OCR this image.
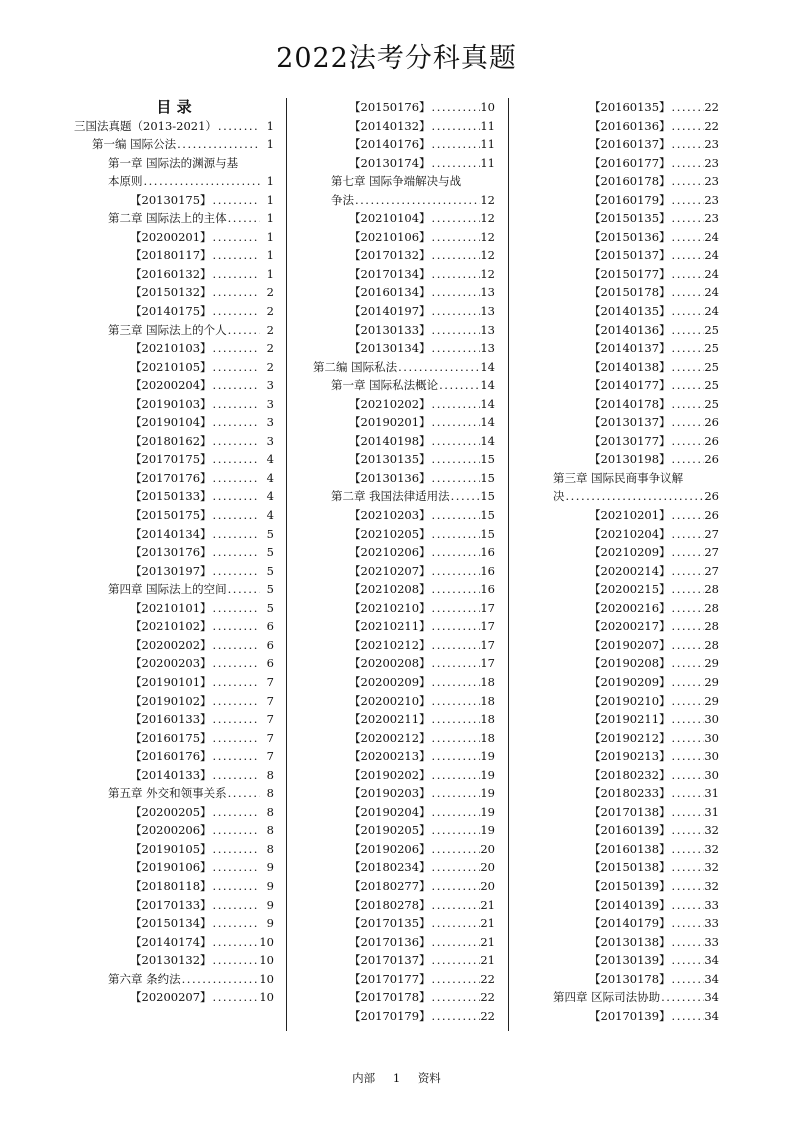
2022法考分科真题
目 录
三国法真题（2013-2021） .....	1
第一编 国际公法 .....	1
第一章 国际法的渊源与基
本原则 .....	1
【20130175】 .....	1
第二章 国际法上的主体 .....	1
【20200201】 .....	1
【20180117】 .....	1
【20160132】 .....	1
【20150132】 .....	2
【20140175】 .....	2
第三章 国际法上的个人 .....	2
【20210103】 .....	2
【20210105】 .....	2
【20200204】 .....	3
【20190103】 .....	3
【20190104】 .....	3
【20180162】 .....	3
【20170175】 .....	4
【20170176】 .....	4
【20150133】 .....	4
【20150175】 .....	4
【20140134】 .....	5
【20130176】 .....	5
【20130197】 .....	5
第四章 国际法上的空间 .....	5
【20210101】 .....	5
【20210102】 .....	6
【20200202】 .....	6
【20200203】 .....	6
【20190101】 .....	7
【20190102】 .....	7
【20160133】 .....	7
【20160175】 .....	7
【20160176】 .....	7
【20140133】 .....	8
第五章 外交和领事关系 .....	8
【20200205】 .....	8
【20200206】 .....	8
【20190105】 .....	8
【20190106】 .....	9
【20180118】 .....	9
【20170133】 .....	9
【20150134】 .....	9
【20140174】 .....	10
【20130132】 .....	10
第六章 条约法 .....	10
【20200207】 .....	10
【20150176】 .....	10
【20140132】 .....	11
【20140176】 .....	11
【20130174】 .....	11
第七章 国际争端解决与战
争法 .....	12
【20210104】 .....	12
【20210106】 .....	12
【20170132】 .....	12
【20170134】 .....	12
【20160134】 .....	13
【20140197】 .....	13
【20130133】 .....	13
【20130134】 .....	13
第二编 国际私法 .....	14
第一章 国际私法概论 .....	14
【20210202】 .....	14
【20190201】 .....	14
【20140198】 .....	14
【20130135】 .....	15
【20130136】 .....	15
第二章 我国法律适用法 .....	15
【20210203】 .....	15
【20210205】 .....	15
【20210206】 .....	16
【20210207】 .....	16
【20210208】 .....	16
【20210210】 .....	17
【20210211】 .....	17
【20210212】 .....	17
【20200208】 .....	17
【20200209】 .....	18
【20200210】 .....	18
【20200211】 .....	18
【20200212】 .....	18
【20200213】 .....	19
【20190202】 .....	19
【20190203】 .....	19
【20190204】 .....	19
【20190205】 .....	19
【20190206】 .....	20
【20180234】 .....	20
【20180277】 .....	20
【20180278】 .....	21
【20170135】 .....	21
【20170136】 .....	21
【20170137】 .....	21
【20170177】 .....	22
【20170178】 .....	22
【20170179】 .....	22
【20160135】 .....	22
【20160136】 .....	22
【20160137】 .....	23
【20160177】 .....	23
【20160178】 .....	23
【20160179】 .....	23
【20150135】 .....	23
【20150136】 .....	24
【20150137】 .....	24
【20150177】 .....	24
【20150178】 .....	24
【20140135】 .....	24
【20140136】 .....	25
【20140137】 .....	25
【20140138】 .....	25
【20140177】 .....	25
【20140178】 .....	25
【20130137】 .....	26
【20130177】 .....	26
【20130198】 .....	26
第三章 国际民商事争议解
决 .....	26
【20210201】 .....	26
【20210204】 .....	27
【20210209】 .....	27
【20200214】 .....	27
【20200215】 .....	28
【20200216】 .....	28
【20200217】 .....	28
【20190207】 .....	28
【20190208】 .....	29
【20190209】 .....	29
【20190210】 .....	29
【20190211】 .....	30
【20190212】 .....	30
【20190213】 .....	30
【20180232】 .....	30
【20180233】 .....	31
【20170138】 .....	31
【20160139】 .....	32
【20160138】 .....	32
【20150138】 .....	32
【20150139】 .....	32
【20140139】 .....	33
【20140179】 .....	33
【20130138】 .....	33
【20130139】 .....	34
【20130178】 .....	34
第四章 区际司法协助 .....	34
【20170139】 .....	34
内部 1 资料
